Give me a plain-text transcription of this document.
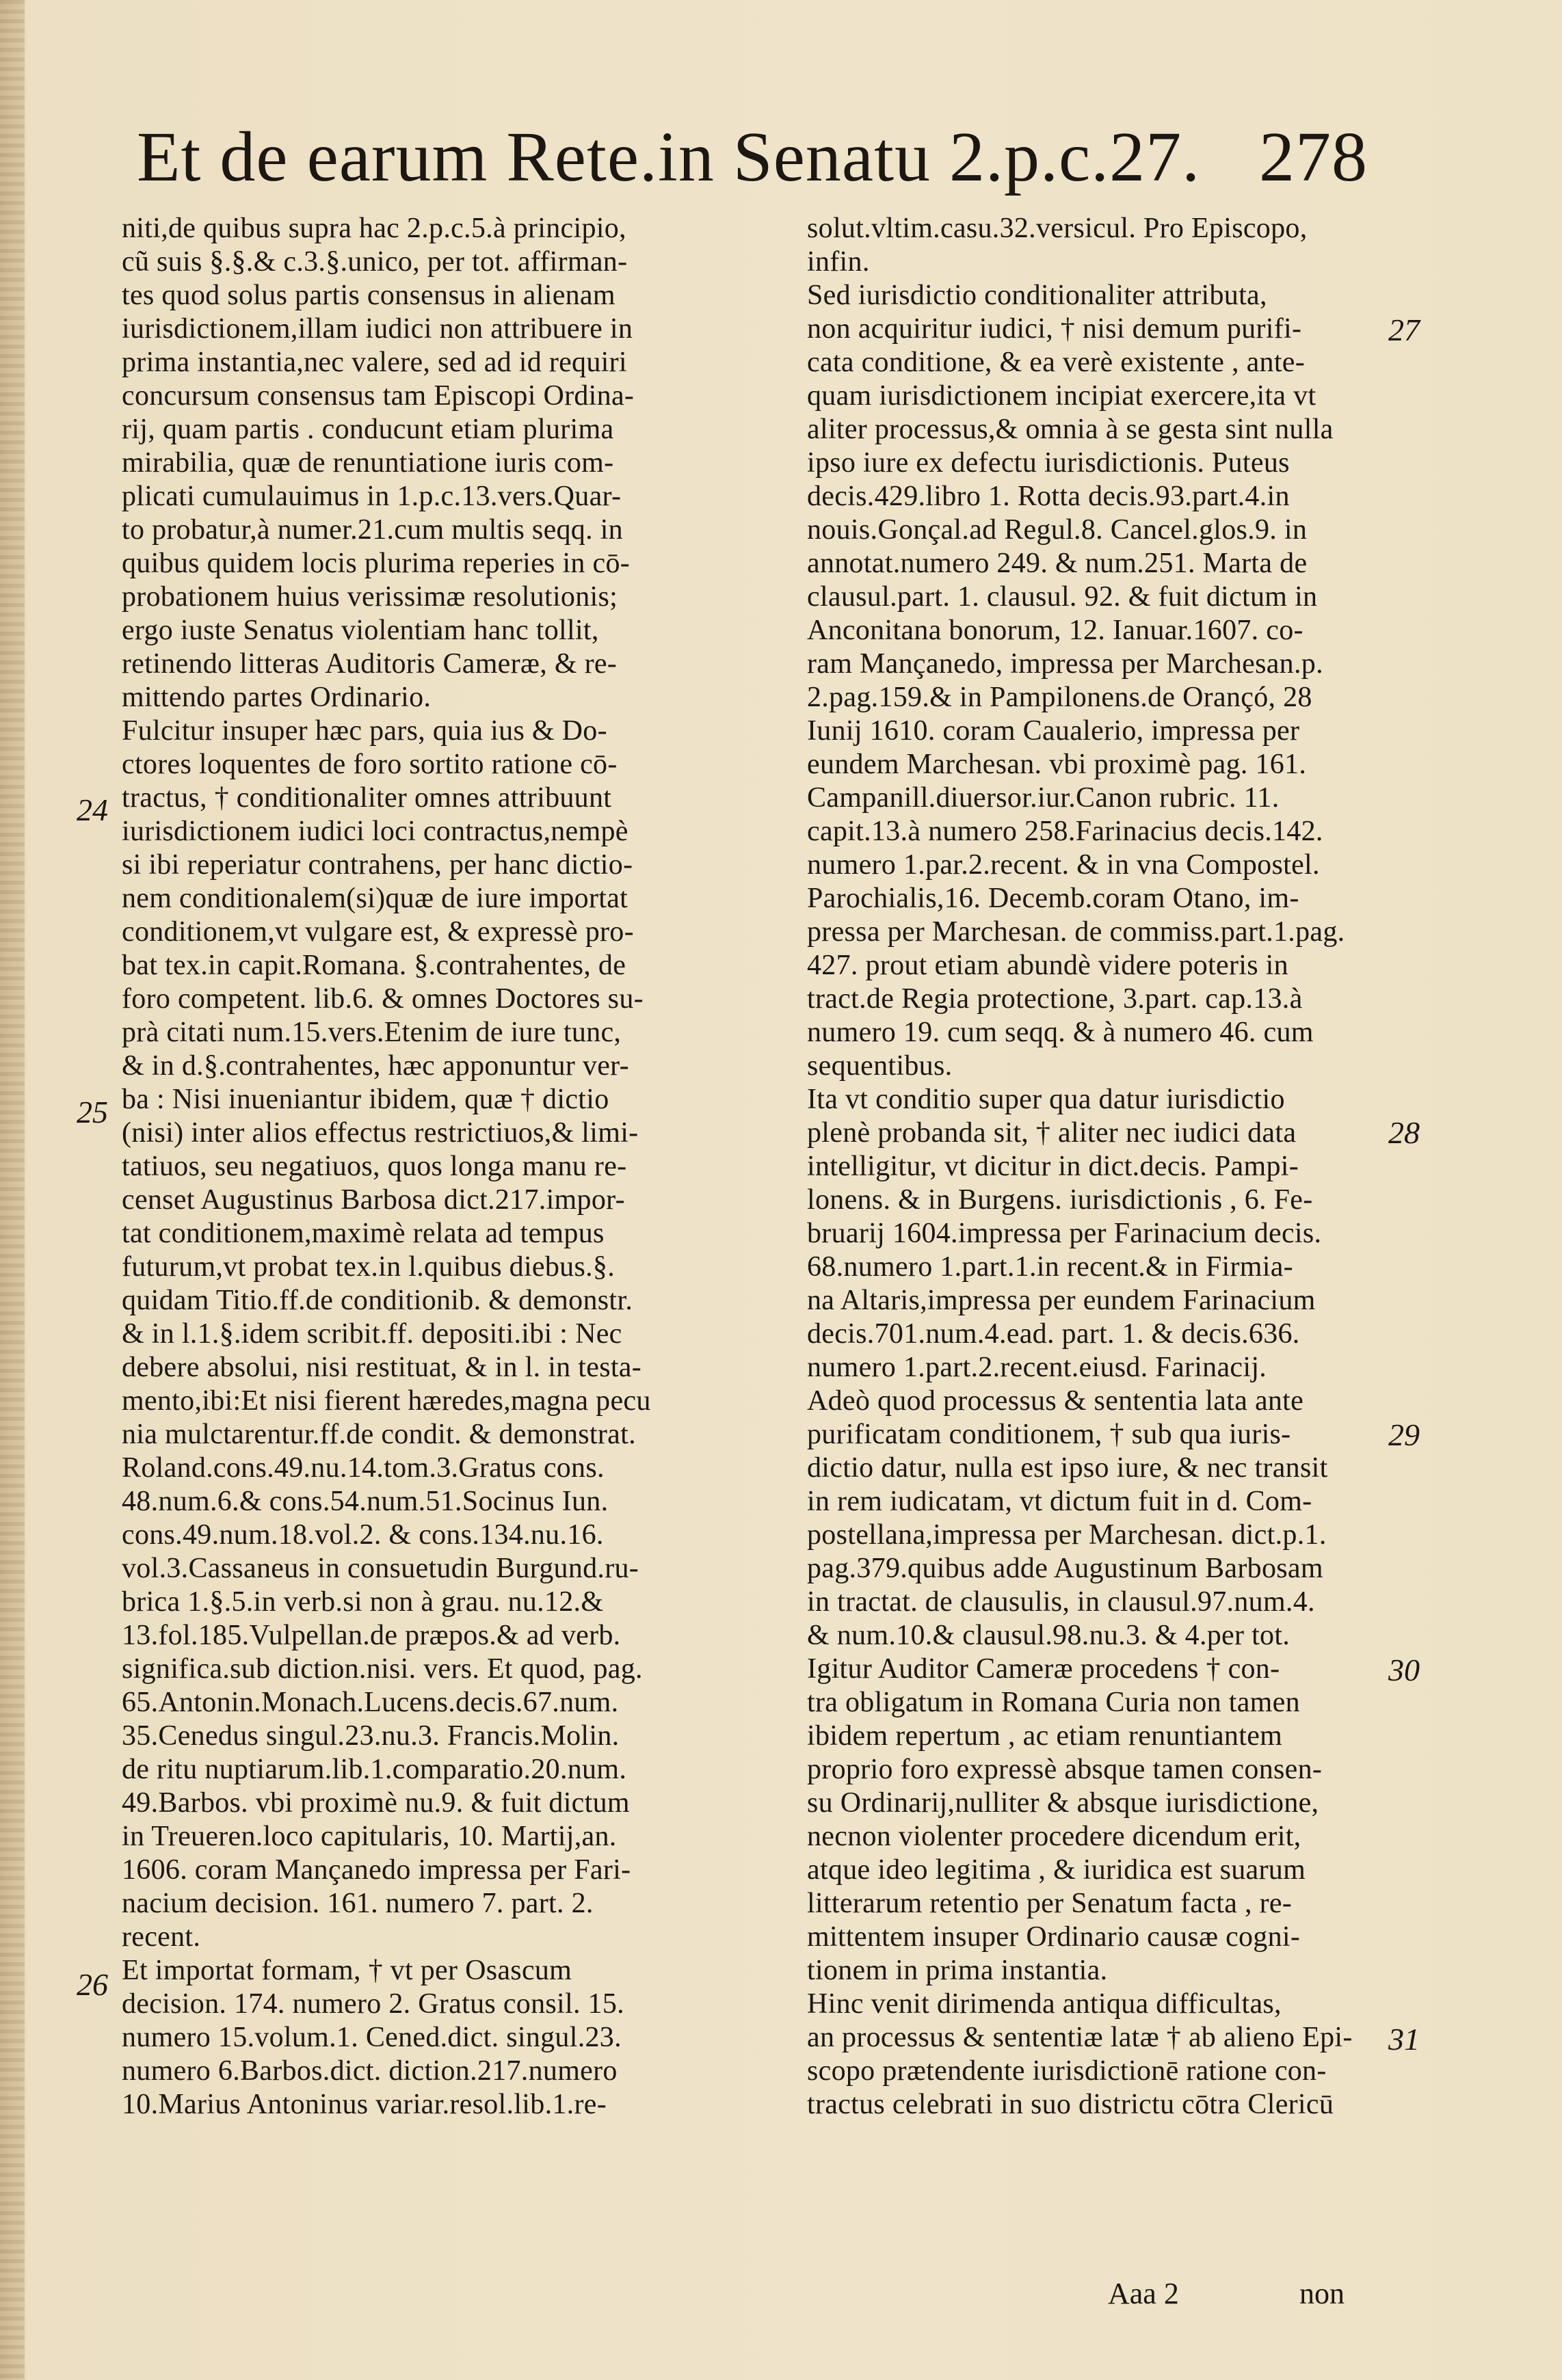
Et de earum Rete.in Senatu 2.p.c.27. 278
niti,de quibus supra hac 2.p.c.5.à principio,
cũ suis §.§.& c.3.§.unico, per tot. affirman-
tes quod solus partis consensus in alienam
iurisdictionem,illam iudici non attribuere in
prima instantia,nec valere, sed ad id requiri
concursum consensus tam Episcopi Ordina-
rij, quam partis . conducunt etiam plurima
mirabilia, quæ de renuntiatione iuris com-
plicati cumulauimus in 1.p.c.13.vers.Quar-
to probatur,à numer.21.cum multis seqq. in
quibus quidem locis plurima reperies in cō-
probationem huius verissimæ resolutionis;
ergo iuste Senatus violentiam hanc tollit,
retinendo litteras Auditoris Cameræ, & re-
mittendo partes Ordinario.
Fulcitur insuper hæc pars, quia ius & Do-
ctores loquentes de foro sortito ratione cō-
tractus, † conditionaliter omnes attribuunt
iurisdictionem iudici loci contractus,nempè
si ibi reperiatur contrahens, per hanc dictio-
nem conditionalem(si)quæ de iure importat
conditionem,vt vulgare est, & expressè pro-
bat tex.in capit.Romana. §.contrahentes, de
foro competent. lib.6. & omnes Doctores su-
prà citati num.15.vers.Etenim de iure tunc,
& in d.§.contrahentes, hæc apponuntur ver-
ba : Nisi inueniantur ibidem, quæ † dictio
(nisi) inter alios effectus restrictiuos,& limi-
tatiuos, seu negatiuos, quos longa manu re-
censet Augustinus Barbosa dict.217.impor-
tat conditionem,maximè relata ad tempus
futurum,vt probat tex.in l.quibus diebus.§.
quidam Titio.ff.de conditionib. & demonstr.
& in l.1.§.idem scribit.ff. depositi.ibi : Nec
debere absolui, nisi restituat, & in l. in testa-
mento,ibi:Et nisi fierent hæredes,magna pecu
nia mulctarentur.ff.de condit. & demonstrat.
Roland.cons.49.nu.14.tom.3.Gratus cons.
48.num.6.& cons.54.num.51.Socinus Iun.
cons.49.num.18.vol.2. & cons.134.nu.16.
vol.3.Cassaneus in consuetudin Burgund.ru-
brica 1.§.5.in verb.si non à grau. nu.12.&
13.fol.185.Vulpellan.de præpos.& ad verb.
significa.sub diction.nisi. vers. Et quod, pag.
65.Antonin.Monach.Lucens.decis.67.num.
35.Cenedus singul.23.nu.3. Francis.Molin.
de ritu nuptiarum.lib.1.comparatio.20.num.
49.Barbos. vbi proximè nu.9. & fuit dictum
in Treueren.loco capitularis, 10. Martij,an.
1606. coram Mançanedo impressa per Fari-
nacium decision. 161. numero 7. part. 2.
recent.
Et importat formam, † vt per Osascum
decision. 174. numero 2. Gratus consil. 15.
numero 15.volum.1. Cened.dict. singul.23.
numero 6.Barbos.dict. diction.217.numero
10.Marius Antoninus variar.resol.lib.1.re-
solut.vltim.casu.32.versicul. Pro Episcopo,
infin.
Sed iurisdictio conditionaliter attributa,
non acquiritur iudici, † nisi demum purifi-
cata conditione, & ea verè existente , ante-
quam iurisdictionem incipiat exercere,ita vt
aliter processus,& omnia à se gesta sint nulla
ipso iure ex defectu iurisdictionis. Puteus
decis.429.libro 1. Rotta decis.93.part.4.in
nouis.Gonçal.ad Regul.8. Cancel.glos.9. in
annotat.numero 249. & num.251. Marta de
clausul.part. 1. clausul. 92. & fuit dictum in
Anconitana bonorum, 12. Ianuar.1607. co-
ram Mançanedo, impressa per Marchesan.p.
2.pag.159.& in Pampilonens.de Orançó, 28
Iunij 1610. coram Caualerio, impressa per
eundem Marchesan. vbi proximè pag. 161.
Campanill.diuersor.iur.Canon rubric. 11.
capit.13.à numero 258.Farinacius decis.142.
numero 1.par.2.recent. & in vna Compostel.
Parochialis,16. Decemb.coram Otano, im-
pressa per Marchesan. de commiss.part.1.pag.
427. prout etiam abundè videre poteris in
tract.de Regia protectione, 3.part. cap.13.à
numero 19. cum seqq. & à numero 46. cum
sequentibus.
Ita vt conditio super qua datur iurisdictio
plenè probanda sit, † aliter nec iudici data
intelligitur, vt dicitur in dict.decis. Pampi-
lonens. & in Burgens. iurisdictionis , 6. Fe-
bruarij 1604.impressa per Farinacium decis.
68.numero 1.part.1.in recent.& in Firmia-
na Altaris,impressa per eundem Farinacium
decis.701.num.4.ead. part. 1. & decis.636.
numero 1.part.2.recent.eiusd. Farinacij.
Adeò quod processus & sententia lata ante
purificatam conditionem, † sub qua iuris-
dictio datur, nulla est ipso iure, & nec transit
in rem iudicatam, vt dictum fuit in d. Com-
postellana,impressa per Marchesan. dict.p.1.
pag.379.quibus adde Augustinum Barbosam
in tractat. de clausulis, in clausul.97.num.4.
& num.10.& clausul.98.nu.3. & 4.per tot.
Igitur Auditor Cameræ procedens † con-
tra obligatum in Romana Curia non tamen
ibidem repertum , ac etiam renuntiantem
proprio foro expressè absque tamen consen-
su Ordinarij,nulliter & absque iurisdictione,
necnon violenter procedere dicendum erit,
atque ideo legitima , & iuridica est suarum
litterarum retentio per Senatum facta , re-
mittentem insuper Ordinario causæ cogni-
tionem in prima instantia.
Hinc venit dirimenda antiqua difficultas,
an processus & sententiæ latæ † ab alieno Epi-
scopo prætendente iurisdictionē ratione con-
tractus celebrati in suo districtu cōtra Clericū
24
25
26
27
28
29
30
31
Aaa 2	non
